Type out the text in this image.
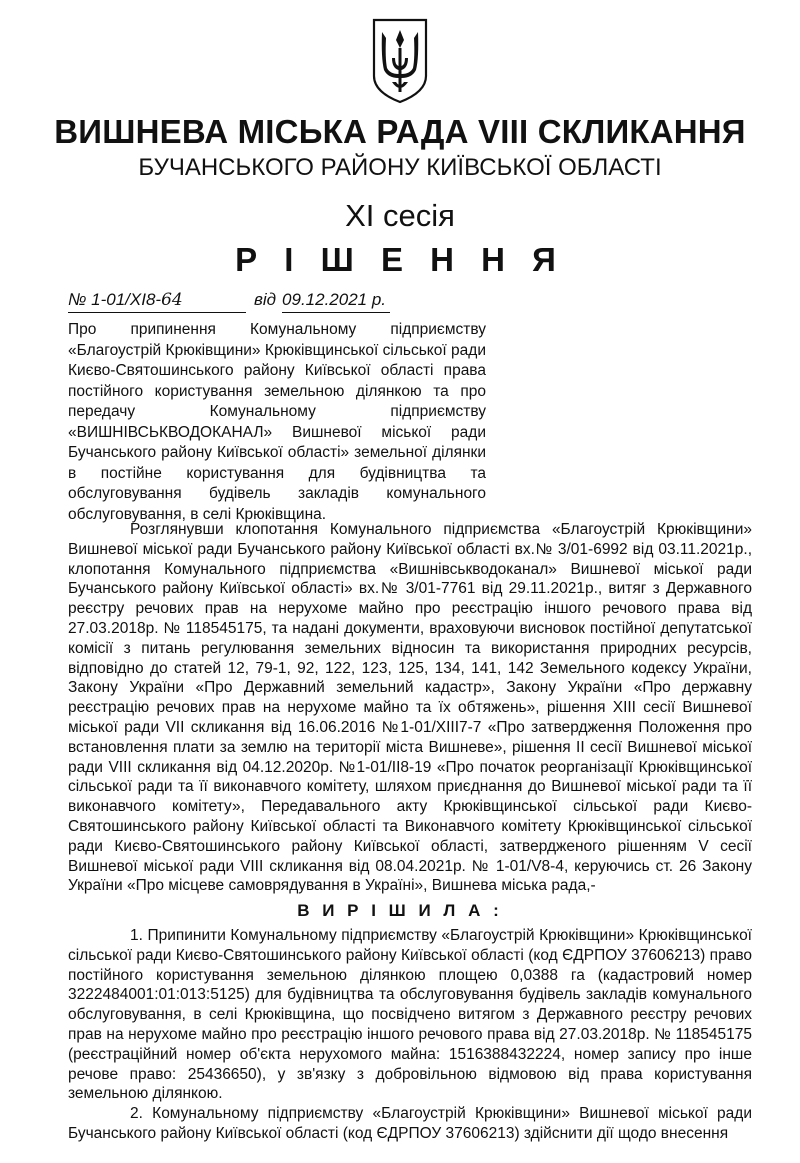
ВИШНЕВА МІСЬКА РАДА VIII СКЛИКАННЯ
БУЧАНСЬКОГО РАЙОНУ КИЇВСЬКОЇ ОБЛАСТІ
ХІ сесія
Р І Ш Е Н Н Я
№ 1-01/ХІ8-64	від 09.12.2021 р.
Про припинення Комунальному підприємству «Благоустрій Крюківщини» Крюківщинської сільської ради Києво-Святошинського району Київської області права постійного користування земельною ділянкою та про передачу Комунальному підприємству «ВИШНІВСЬКВОДОКАНАЛ» Вишневої міської ради Бучанського району Київської області» земельної ділянки в постійне користування для будівництва та обслуговування будівель закладів комунального обслуговування, в селі Крюківщина.

Розглянувши клопотання Комунального підприємства «Благоустрій Крюківщини» Вишневої міської ради Бучанського району Київської області вх.№ 3/01-6992 від 03.11.2021р., клопотання Комунального підприємства «Вишнівськводоканал» Вишневої міської ради Бучанського району Київської області» вх.№ 3/01-7761 від 29.11.2021р., витяг з Державного реєстру речових прав на нерухоме майно про реєстрацію іншого речового права від 27.03.2018р. № 118545175, та надані документи, враховуючи висновок постійної депутатської комісії з питань регулювання земельних відносин та використання природних ресурсів, відповідно до статей 12, 79-1, 92, 122, 123, 125, 134, 141, 142 Земельного кодексу України, Закону України «Про Державний земельний кадастр», Закону України «Про державну реєстрацію речових прав на нерухоме майно та їх обтяжень», рішення ХІІІ сесії Вишневої міської ради VІІ скликання від 16.06.2016 №1-01/ХІІІ7-7 «Про затвердження Положення про встановлення плати за землю на території міста Вишневе», рішення ІІ сесії Вишневої міської ради VIII скликання від 04.12.2020р. №1-01/ІІ8-19 «Про початок реорганізації Крюківщинської сільської ради та її виконавчого комітету, шляхом приєднання до Вишневої міської ради та її виконавчого комітету», Передавального акту Крюківщинської сільської ради Києво-Святошинського району Київської області та Виконавчого комітету Крюківщинської сільської ради Києво-Святошинського району Київської області, затвердженого рішенням V сесії Вишневої міської ради VIII скликання від 08.04.2021р. № 1-01/V8-4, керуючись ст. 26 Закону України «Про місцеве самоврядування в Україні», Вишнева міська рада,-

В И Р І Ш И Л А :

1. Припинити Комунальному підприємству «Благоустрій Крюківщини» Крюківщинської сільської ради Києво-Святошинського району Київської області (код ЄДРПОУ 37606213) право постійного користування земельною ділянкою площею 0,0388 га (кадастровий номер 3222484001:01:013:5125) для будівництва та обслуговування будівель закладів комунального обслуговування, в селі Крюківщина, що посвідчено витягом з Державного реєстру речових прав на нерухоме майно про реєстрацію іншого речового права від 27.03.2018р. № 118545175 (реєстраційний номер об'єкта нерухомого майна: 1516388432224, номер запису про інше речове право: 25436650), у зв'язку з добровільною відмовою від права користування земельною ділянкою.

2. Комунальному підприємству «Благоустрій Крюківщини» Вишневої міської ради Бучанського району Київської області (код ЄДРПОУ 37606213) здійснити дії щодо внесення
